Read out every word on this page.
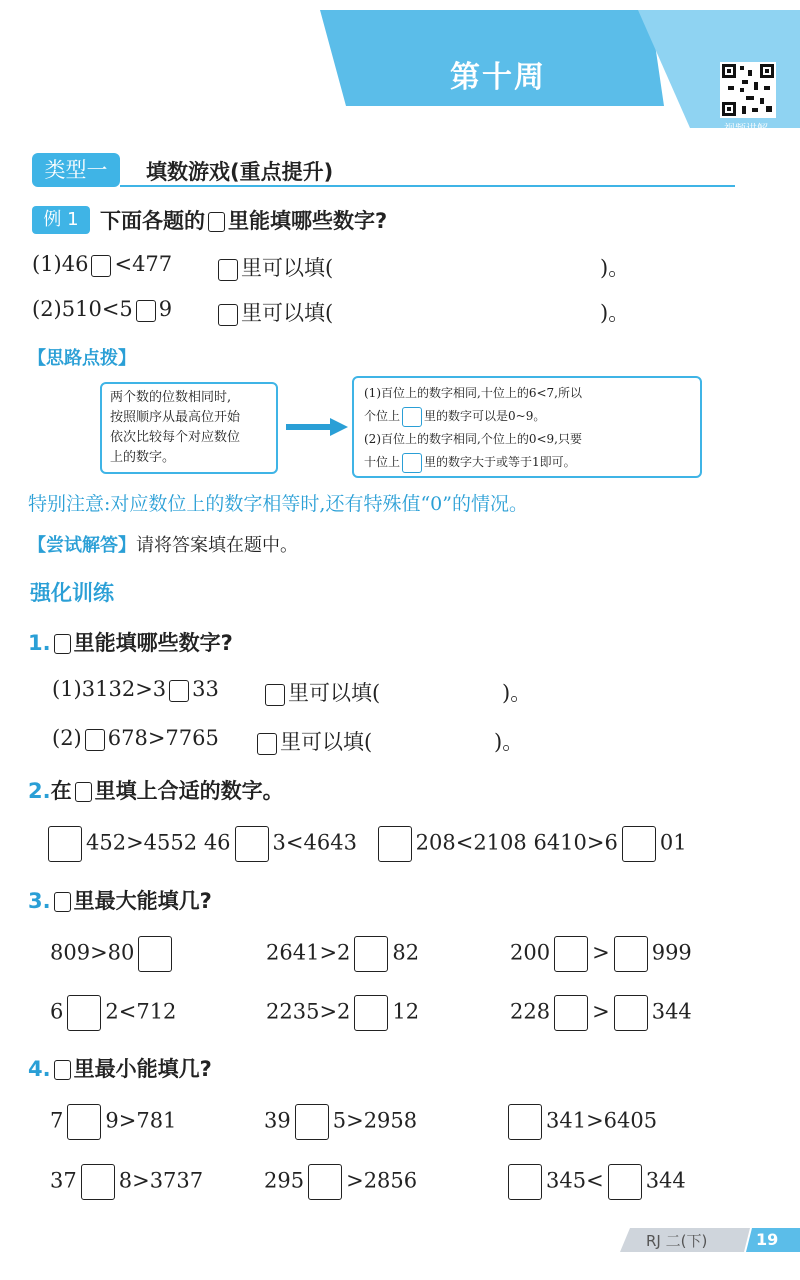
第十周
视频讲解
类型一	填数游戏(重点提升)
例 1	下面各题的 里能填哪些数字?
(1)46 <477	里可以填(	)。
(2)510<5 9	里可以填(	)。
【思路点拨】
两个数的位数相同时,
按照顺序从最高位开始
依次比较每个对应数位
上的数字。
(1)百位上的数字相同,十位上的6<7,所以
个位上 里的数字可以是0~9。
(2)百位上的数字相同,个位上的0<9,只要
十位上 里的数字大于或等于1即可。
特别注意:对应数位上的数字相等时,还有特殊值“0”的情况。
【尝试解答】请将答案填在题中。
强化训练
1. 里能填哪些数字?
(1)3132>3 33	里可以填(	)。
(2) 678>7765	里可以填(	)。
2.在 里填上合适的数字。
452>4552 46 3<4643	208<2108 6410>6 01
3. 里最大能填几?
809>80	2641>2 82	200 > 999
6 2<712	2235>2 12	228 > 344
4. 里最小能填几?
7 9>781	39 5>2958	341>6405
37 8>3737	295 >2856	345< 344
RJ 二(下)	19
